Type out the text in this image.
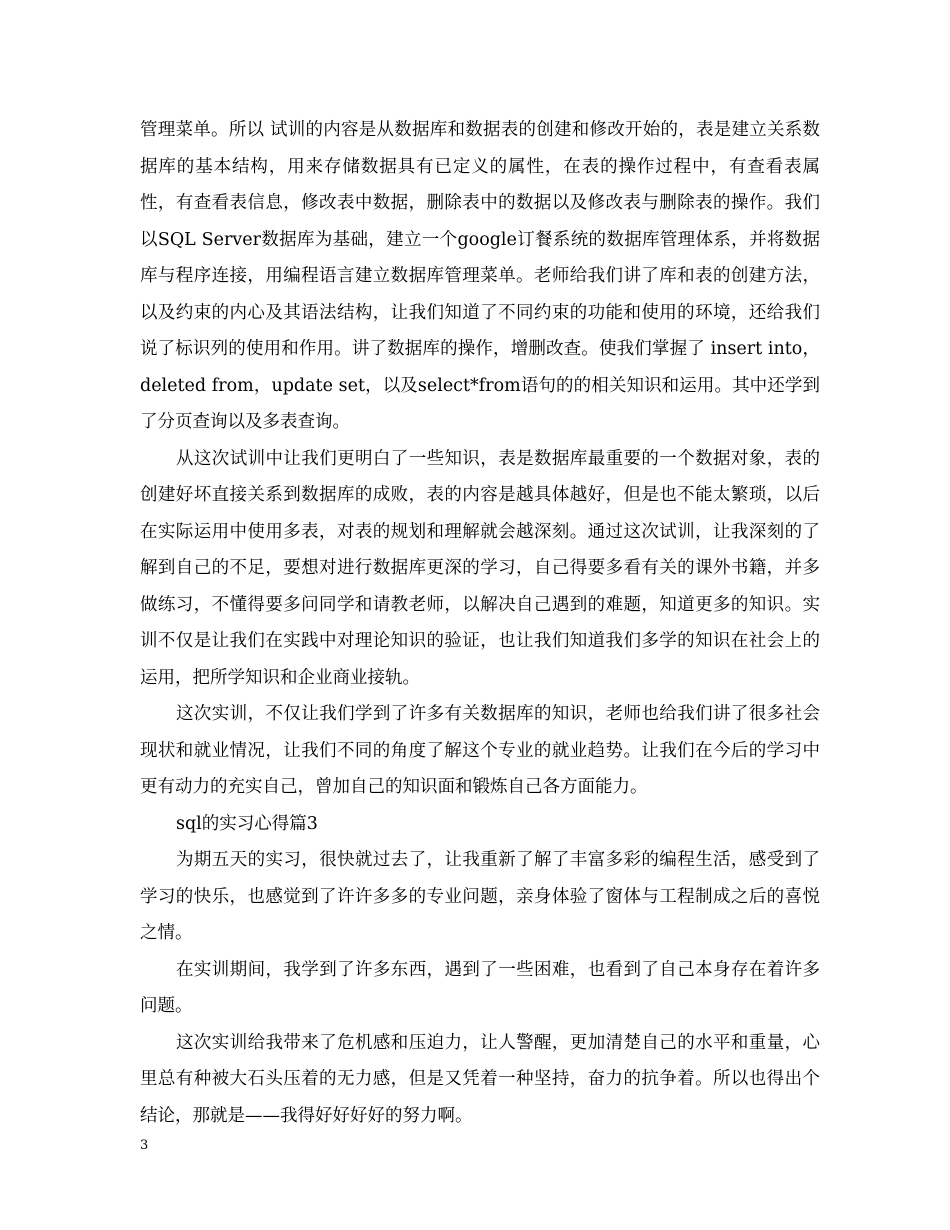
管理菜单。所以 试训的内容是从数据库和数据表的创建和修改开始的，表是建立关系数据库的基本结构，用来存储数据具有已定义的属性，在表的操作过程中，有查看表属性，有查看表信息，修改表中数据，删除表中的数据以及修改表与删除表的操作。我们以SQL Server数据库为基础，建立一个google订餐系统的数据库管理体系，并将数据库与程序连接，用编程语言建立数据库管理菜单。老师给我们讲了库和表的创建方法，以及约束的内心及其语法结构，让我们知道了不同约束的功能和使用的环境，还给我们说了标识列的使用和作用。讲了数据库的操作，增删改查。使我们掌握了 insert into，deleted from，update set，以及select*from语句的的相关知识和运用。其中还学到了分页查询以及多表查询。

从这次试训中让我们更明白了一些知识，表是数据库最重要的一个数据对象，表的创建好坏直接关系到数据库的成败，表的内容是越具体越好，但是也不能太繁琐，以后在实际运用中使用多表，对表的规划和理解就会越深刻。通过这次试训，让我深刻的了解到自己的不足，要想对进行数据库更深的学习，自己得要多看有关的课外书籍，并多做练习，不懂得要多问同学和请教老师，以解决自己遇到的难题，知道更多的知识。实训不仅是让我们在实践中对理论知识的验证，也让我们知道我们多学的知识在社会上的运用，把所学知识和企业商业接轨。

这次实训，不仅让我们学到了许多有关数据库的知识，老师也给我们讲了很多社会现状和就业情况，让我们不同的角度了解这个专业的就业趋势。让我们在今后的学习中更有动力的充实自己，曾加自己的知识面和锻炼自己各方面能力。

sql的实习心得篇3

为期五天的实习，很快就过去了，让我重新了解了丰富多彩的编程生活，感受到了学习的快乐，也感觉到了许许多多的专业问题，亲身体验了窗体与工程制成之后的喜悦之情。

在实训期间，我学到了许多东西，遇到了一些困难，也看到了自己本身存在着许多问题。

这次实训给我带来了危机感和压迫力，让人警醒，更加清楚自己的水平和重量，心里总有种被大石头压着的无力感，但是又凭着一种坚持，奋力的抗争着。所以也得出个结论，那就是——我得好好好好的努力啊。

3
